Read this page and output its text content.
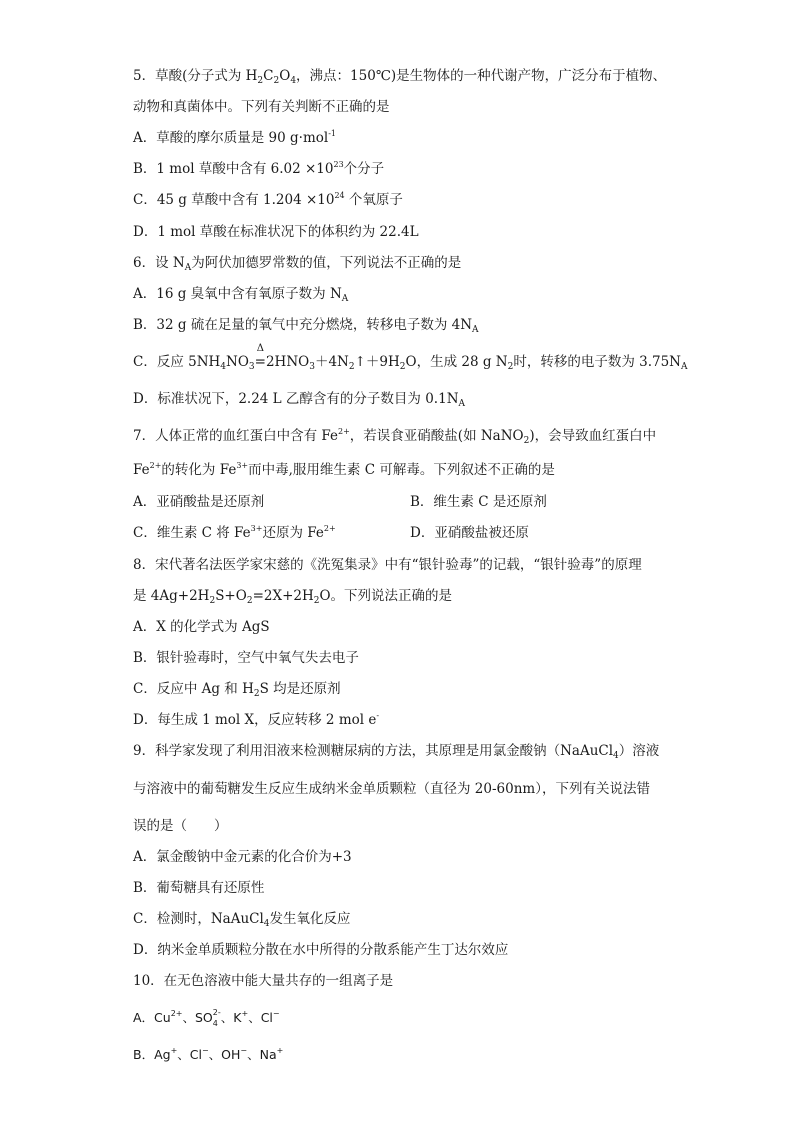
5．草酸(分子式为 $H_2C_2O_4$，沸点：150℃)是生物体的一种代谢产物，广泛分布于植物、
动物和真菌体中。下列有关判断不正确的是
A．草酸的摩尔质量是 90 g·mol$^{-1}$
B．1 mol 草酸中含有 $6.02 \times 10^{23}$个分子
C．45 g 草酸中含有 $1.204 \times 10^{24}$ 个氧原子
D．1 mol 草酸在标准状况下的体积约为 22.4L
6．设 $N_A$为阿伏加德罗常数的值，下列说法不正确的是
A．16 g 臭氧中含有氧原子数为 $N_A$
B．32 g 硫在足量的氧气中充分燃烧，转移电子数为 $4N_A$
C．反应 $5NH_4NO_3$
Δ
$=2HNO_3+4N_2↑+9H_2O$，生成 28 g $N_2$时，转移的电子数为 $3.75N_A$
D．标准状况下，2.24 L 乙醇含有的分子数目为 $0.1N_A$
7．人体正常的血红蛋白中含有 $Fe^{2+}$，若误食亚硝酸盐(如 NaNO$_2$)，会导致血红蛋白中
$Fe^{2+}$的转化为 $Fe^{3+}$而中毒,服用维生素 C 可解毒。下列叙述不正确的是
A．亚硝酸盐是还原剂	B．维生素 C 是还原剂
C．维生素 C 将 $Fe^{3+}$还原为 $Fe^{2+}$	D．亚硝酸盐被还原
8．宋代著名法医学家宋慈的《洗冤集录》中有“银针验毒”的记载，“银针验毒”的原理
是 $4Ag+2H_2S+O_2=2X+2H_2O$。下列说法正确的是
A．X 的化学式为 AgS
B．银针验毒时，空气中氧气失去电子
C．反应中 Ag 和 $H_2S$ 均是还原剂
D．每生成 1 mol X，反应转移 2 mol e-
9．科学家发现了利用泪液来检测糖尿病的方法，其原理是用氯金酸钠（NaAuCl$_4$）溶液
与溶液中的葡萄糖发生反应生成纳米金单质颗粒（直径为 20-60nm），下列有关说法错
误的是（　　）
A．氯金酸钠中金元素的化合价为+3
B．葡萄糖具有还原性
C．检测时，NaAuCl$_4$发生氧化反应
D．纳米金单质颗粒分散在水中所得的分散系能产生丁达尔效应
10．在无色溶液中能大量共存的一组离子是
A．$Cu^{2+}$、SO 2-
4 、K+、Cl−
B．Ag+、Cl−、OH−、Na+
